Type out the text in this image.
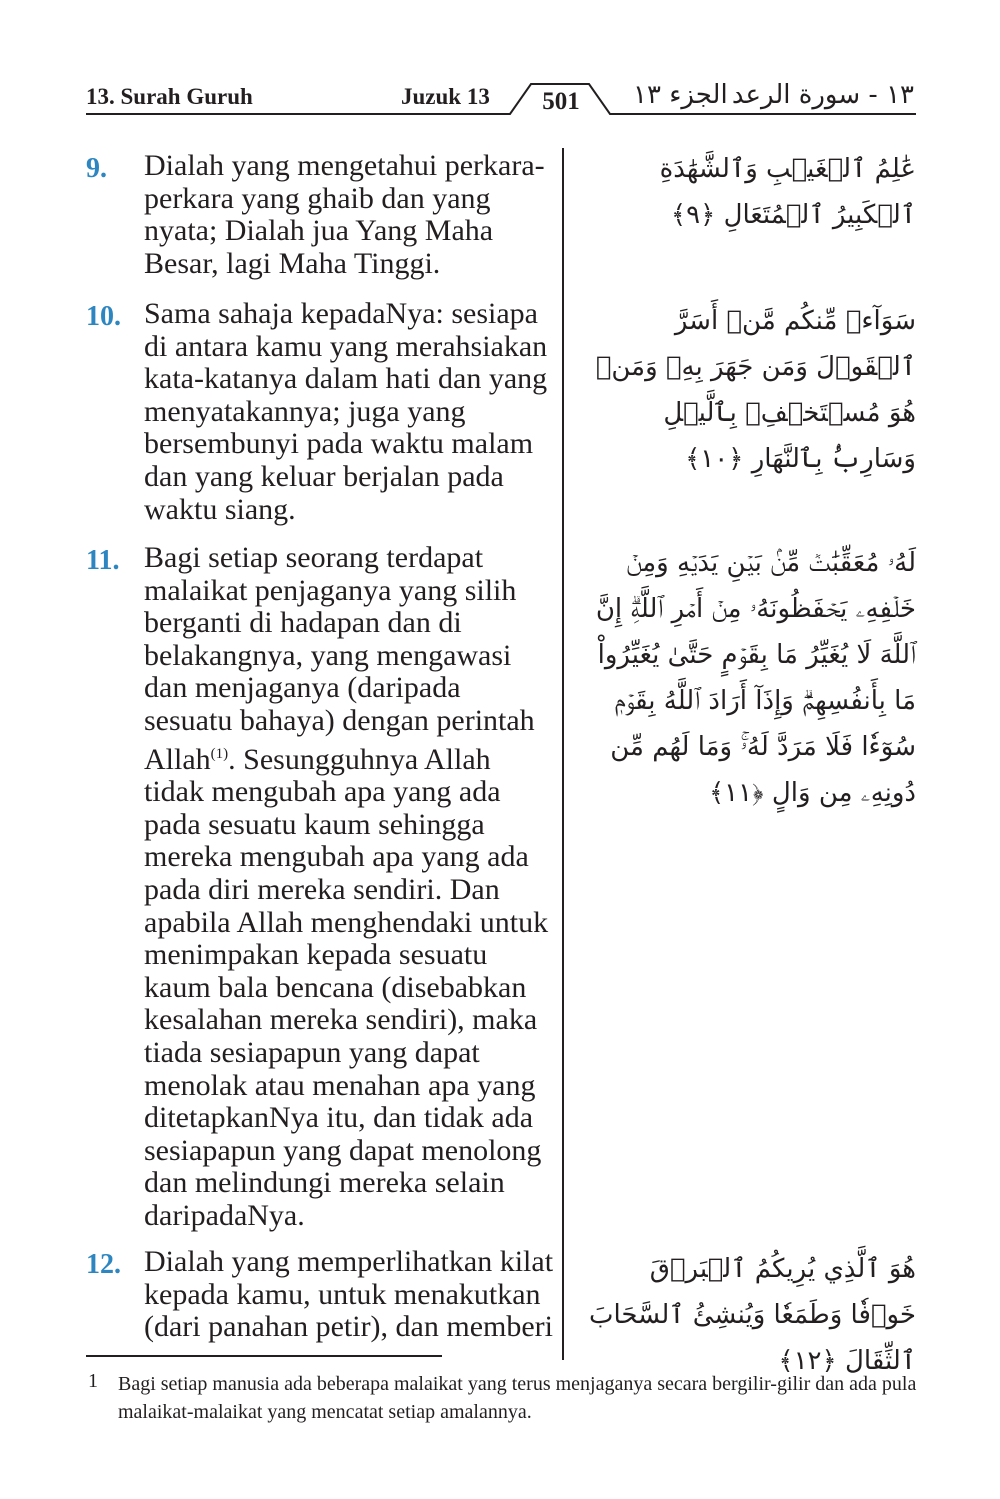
13. Surah Guruh	Juzuk 13	501	الجزء ١٣ ١٣ - سورة الرعد
9. Dialah yang mengetahui perkara-perkara yang ghaib dan yang nyata; Dialah jua Yang Maha Besar, lagi Maha Tinggi.
عَٰلِمُ ٱلۡغَيۡبِ وَٱلشَّهَٰدَةِ ٱلۡكَبِيرُ ٱلۡمُتَعَالِ ﴿٩﴾
10. Sama sahaja kepadaNya: sesiapa di antara kamu yang merahsiakan kata-katanya dalam hati dan yang menyatakannya; juga yang bersembunyi pada waktu malam dan yang keluar berjalan pada waktu siang.
سَوَآءٞ مِّنكُم مَّنۡ أَسَرَّ ٱلۡقَوۡلَ وَمَن جَهَرَ بِهِۦ وَمَنۡ هُوَ مُسۡتَخۡفِۭ بِٱلَّيۡلِ وَسَارِبُۢ بِٱلنَّهَارِ ﴿١٠﴾
11. Bagi setiap seorang terdapat malaikat penjaganya yang silih berganti di hadapan dan di belakangnya, yang mengawasi dan menjaganya (daripada sesuatu bahaya) dengan perintah Allah$^{(1)}$. Sesungguhnya Allah tidak mengubah apa yang ada pada sesuatu kaum sehingga mereka mengubah apa yang ada pada diri mereka sendiri. Dan apabila Allah menghendaki untuk menimpakan kepada sesuatu kaum bala bencana (disebabkan kesalahan mereka sendiri), maka tiada sesiapapun yang dapat menolak atau menahan apa yang ditetapkanNya itu, dan tidak ada sesiapapun yang dapat menolong dan melindungi mereka selain daripadaNya.
لَهُۥ مُعَقِّبَٰتٞ مِّنۢ بَيۡنِ يَدَيۡهِ وَمِنۡ خَلۡفِهِۦ يَحۡفَظُونَهُۥ مِنۡ أَمۡرِ ٱللَّهِۗ إِنَّ ٱللَّهَ لَا يُغَيِّرُ مَا بِقَوۡمٍ حَتَّىٰ يُغَيِّرُواْ مَا بِأَنفُسِهِمۡۗ وَإِذَآ أَرَادَ ٱللَّهُ بِقَوۡمٖ سُوٓءٗا فَلَا مَرَدَّ لَهُۥۚ وَمَا لَهُم مِّن دُونِهِۦ مِن وَالٍ ﴿١١﴾
12. Dialah yang memperlihatkan kilat kepada kamu, untuk menakutkan (dari panahan petir), dan memberi
هُوَ ٱلَّذِي يُرِيكُمُ ٱلۡبَرۡقَ خَوۡفٗا وَطَمَعٗا وَيُنشِئُ ٱلسَّحَابَ ٱلثِّقَالَ ﴿١٢﴾
1 Bagi setiap manusia ada beberapa malaikat yang terus menjaganya secara bergilir-gilir dan ada pula malaikat-malaikat yang mencatat setiap amalannya.
